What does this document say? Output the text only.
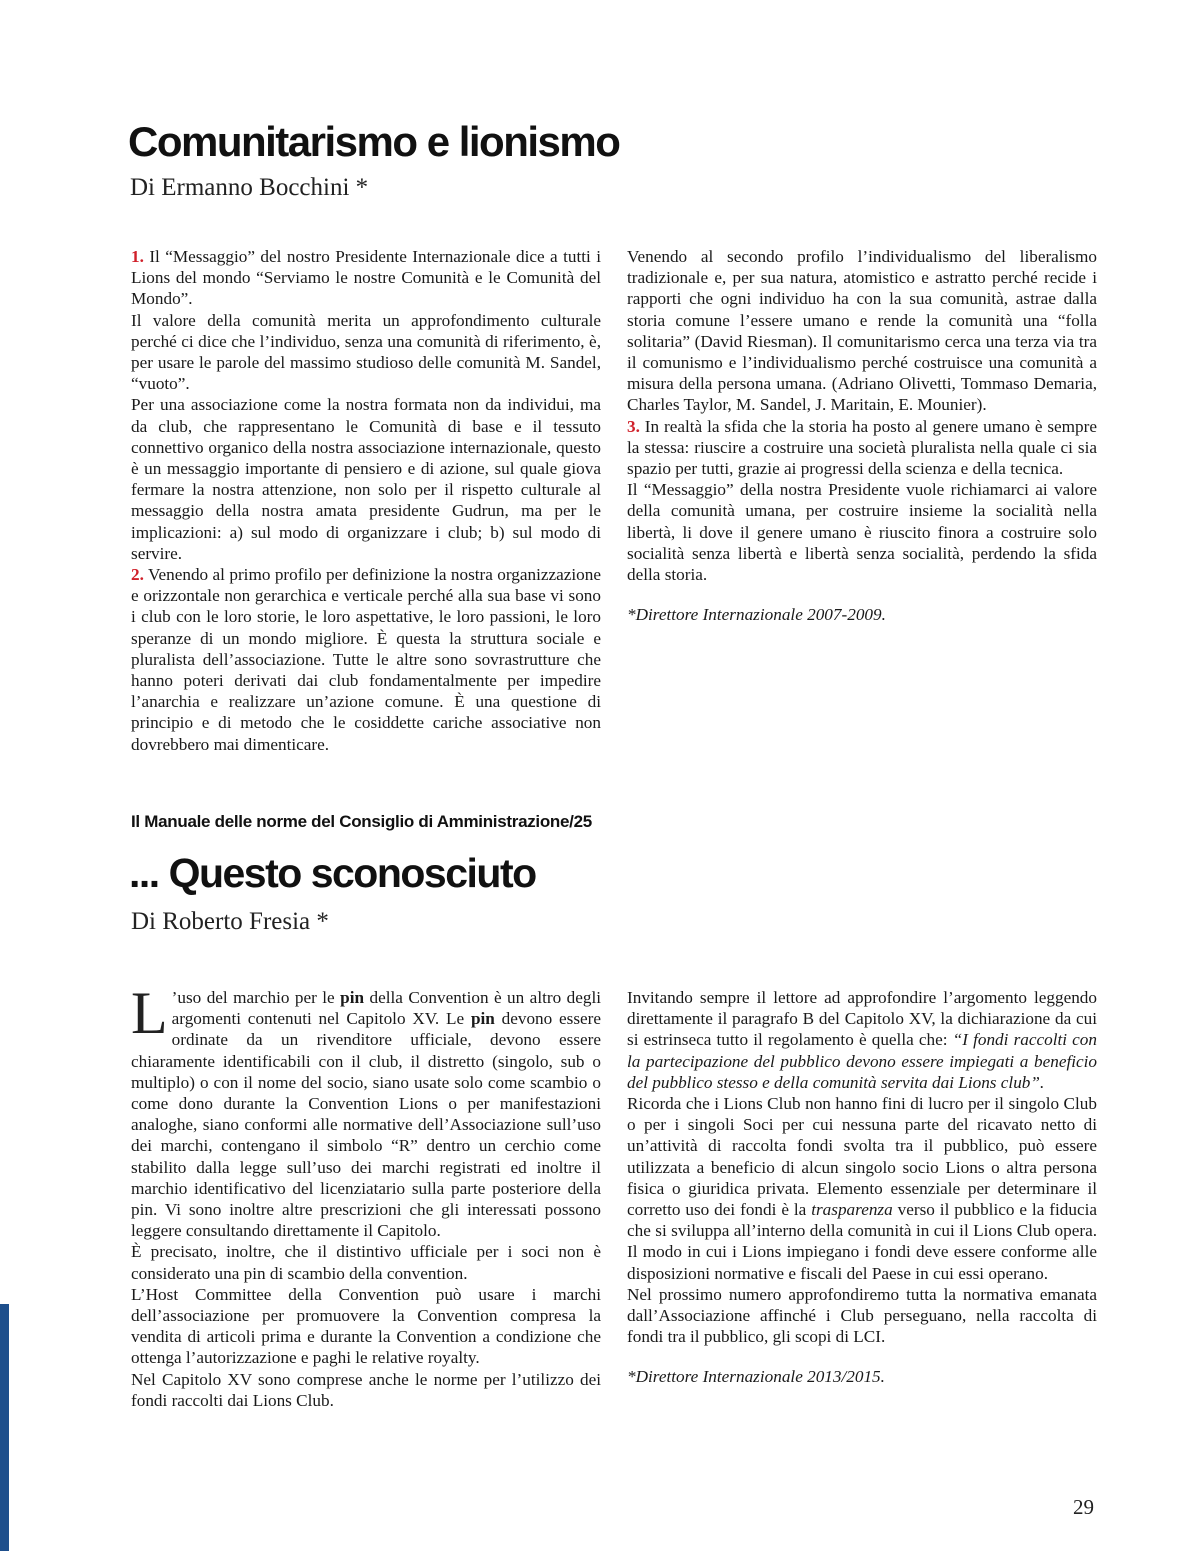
Comunitarismo e lionismo

Di Ermanno Bocchini *

1. Il “Messaggio” del nostro Presidente Internazionale dice a tutti i Lions del mondo “Serviamo le nostre Comunità e le Comunità del Mondo”.

Il valore della comunità merita un approfondimento culturale perché ci dice che l’individuo, senza una comunità di riferimento, è, per usare le parole del massimo studioso delle comunità M. Sandel, “vuoto”.

Per una associazione come la nostra formata non da individui, ma da club, che rappresentano le Comunità di base e il tessuto connettivo organico della nostra associazione internazionale, questo è un messaggio importante di pensiero e di azione, sul quale giova fermare la nostra attenzione, non solo per il rispetto culturale al messaggio della nostra amata presidente Gudrun, ma per le implicazioni: a) sul modo di organizzare i club; b) sul modo di servire.

2. Venendo al primo profilo per definizione la nostra organizzazione e orizzontale non gerarchica e verticale perché alla sua base vi sono i club con le loro storie, le loro aspettative, le loro passioni, le loro speranze di un mondo migliore. È questa la struttura sociale e pluralista dell’associazione. Tutte le altre sono sovrastrutture che hanno poteri derivati dai club fondamentalmente per impedire l’anarchia e realizzare un’azione comune. È una questione di principio e di metodo che le cosiddette cariche associative non dovrebbero mai dimenticare.

Venendo al secondo profilo l’individualismo del liberalismo tradizionale e, per sua natura, atomistico e astratto perché recide i rapporti che ogni individuo ha con la sua comunità, astrae dalla storia comune l’essere umano e rende la comunità una “folla solitaria” (David Riesman). Il comunitarismo cerca una terza via tra il comunismo e l’individualismo perché costruisce una comunità a misura della persona umana. (Adriano Olivetti, Tommaso Demaria, Charles Taylor, M. Sandel, J. Maritain, E. Mounier).

3. In realtà la sfida che la storia ha posto al genere umano è sempre la stessa: riuscire a costruire una società pluralista nella quale ci sia spazio per tutti, grazie ai progressi della scienza e della tecnica.

Il “Messaggio” della nostra Presidente vuole richiamarci ai valore della comunità umana, per costruire insieme la socialità nella libertà, li dove il genere umano è riuscito finora a costruire solo socialità senza libertà e libertà senza socialità, perdendo la sfida della storia.

*Direttore Internazionale 2007-2009.

Il Manuale delle norme del Consiglio di Amministrazione/25

... Questo sconosciuto

Di Roberto Fresia *

L ’uso del marchio per le pin della Convention è un altro degli argomenti contenuti nel Capitolo XV. Le pin devono essere ordinate da un rivenditore ufficiale, devono essere chiaramente identificabili con il club, il distretto (singolo, sub o multiplo) o con il nome del socio, siano usate solo come scambio o come dono durante la Convention Lions o per manifestazioni analoghe, siano conformi alle normative dell’Associazione sull’uso dei marchi, contengano il simbolo “R” dentro un cerchio come stabilito dalla legge sull’uso dei marchi registrati ed inoltre il marchio identificativo del licenziatario sulla parte posteriore della pin. Vi sono inoltre altre prescrizioni che gli interessati possono leggere consultando direttamente il Capitolo.

È precisato, inoltre, che il distintivo ufficiale per i soci non è considerato una pin di scambio della convention.

L’Host Committee della Convention può usare i marchi dell’associazione per promuovere la Convention compresa la vendita di articoli prima e durante la Convention a condizione che ottenga l’autorizzazione e paghi le relative royalty.

Nel Capitolo XV sono comprese anche le norme per l’utilizzo dei fondi raccolti dai Lions Club.

Invitando sempre il lettore ad approfondire l’argomento leggendo direttamente il paragrafo B del Capitolo XV, la dichiarazione da cui si estrinseca tutto il regolamento è quella che: “I fondi raccolti con la partecipazione del pubblico devono essere impiegati a beneficio del pubblico stesso e della comunità servita dai Lions club”.

Ricorda che i Lions Club non hanno fini di lucro per il singolo Club o per i singoli Soci per cui nessuna parte del ricavato netto di un’attività di raccolta fondi svolta tra il pubblico, può essere utilizzata a beneficio di alcun singolo socio Lions o altra persona fisica o giuridica privata. Elemento essenziale per determinare il corretto uso dei fondi è la trasparenza verso il pubblico e la fiducia che si sviluppa all’interno della comunità in cui il Lions Club opera. Il modo in cui i Lions impiegano i fondi deve essere conforme alle disposizioni normative e fiscali del Paese in cui essi operano.

Nel prossimo numero approfondiremo tutta la normativa emanata dall’Associazione affinché i Club perseguano, nella raccolta di fondi tra il pubblico, gli scopi di LCI.

*Direttore Internazionale 2013/2015.

29
